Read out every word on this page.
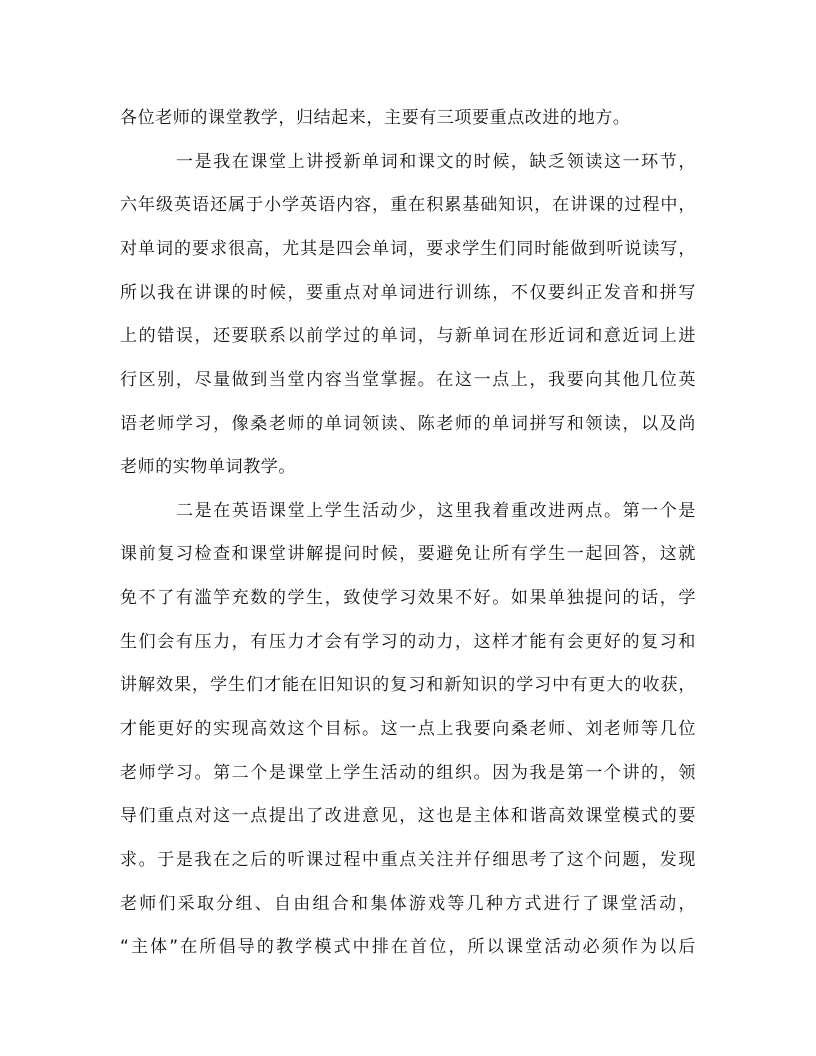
各位老师的课堂教学，归结起来，主要有三项要重点改进的地方。
一是我在课堂上讲授新单词和课文的时候，缺乏领读这一环节，
六年级英语还属于小学英语内容，重在积累基础知识，在讲课的过程中，
对单词的要求很高，尤其是四会单词，要求学生们同时能做到听说读写，
所以我在讲课的时候，要重点对单词进行训练，不仅要纠正发音和拼写
上的错误，还要联系以前学过的单词，与新单词在形近词和意近词上进
行区别，尽量做到当堂内容当堂掌握。在这一点上，我要向其他几位英
语老师学习，像桑老师的单词领读、陈老师的单词拼写和领读，以及尚
老师的实物单词教学。
二是在英语课堂上学生活动少，这里我着重改进两点。第一个是
课前复习检查和课堂讲解提问时候，要避免让所有学生一起回答，这就
免不了有滥竽充数的学生，致使学习效果不好。如果单独提问的话，学
生们会有压力，有压力才会有学习的动力，这样才能有会更好的复习和
讲解效果，学生们才能在旧知识的复习和新知识的学习中有更大的收获，
才能更好的实现高效这个目标。这一点上我要向桑老师、刘老师等几位
老师学习。第二个是课堂上学生活动的组织。因为我是第一个讲的，领
导们重点对这一点提出了改进意见，这也是主体和谐高效课堂模式的要
求。于是我在之后的听课过程中重点关注并仔细思考了这个问题，发现
老师们采取分组、自由组合和集体游戏等几种方式进行了课堂活动，
“主体”在所倡导的教学模式中排在首位，所以课堂活动必须作为以后
